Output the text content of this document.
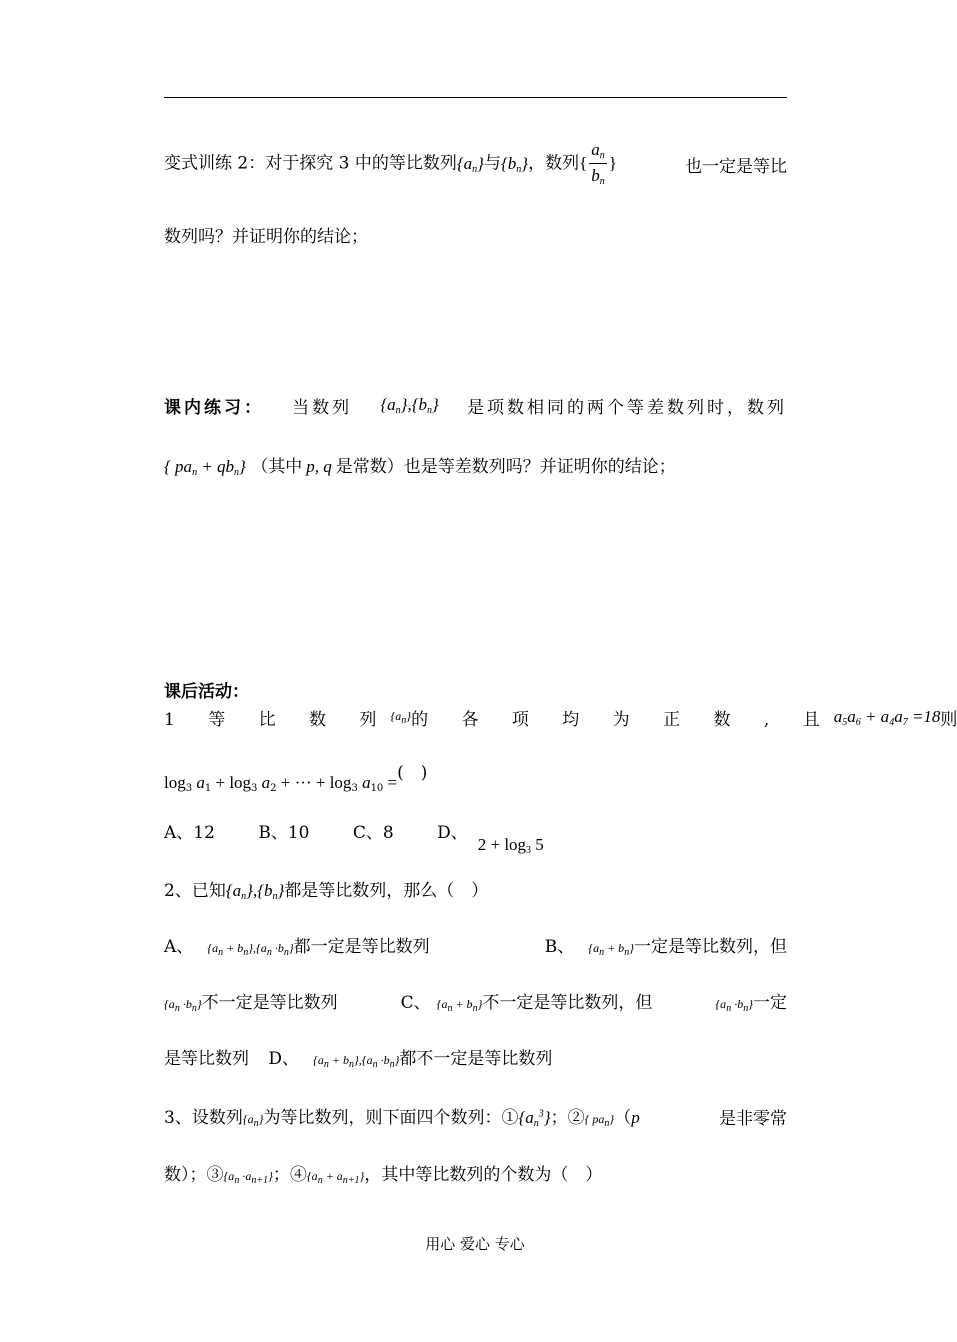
变式训练 2：对于探究 3 中的等比数列$\{a_n\}$与$\{b_n\}$，数列{ $\frac{a_n}{b_n}$ }	也一定是等比
数列吗？并证明你的结论；
课内练习： 当数列 $\{a_n\},\{b_n\}$ 是项数相同的两个等差数列时，数列
{ $pa_n + qb_n$} （其中 p, q 是常数）也是等差数列吗？并证明你的结论；
课后活动：
1 等 比 数 列 $\{a_n\}$ 的 各 项 均 为 正 数 , 且 $a_5a_6 + a_4a_7 =18$ 则
$\log_3 a_1 + \log_3 a_2$ + ··· + $\log_3 a_{10}$ =(　)
A、12	B、10	C、8	D、$2 + \log_3 5$
2、已知$\{a_n\},\{b_n\}$都是等比数列，那么（　）
A、 $\{a_n + b_n\},\{a_n \cdot b_n\}$都一定是等比数列	B、 $\{a_n + b_n\}$一定是等比数列，但
$\{a_n \cdot b_n\}$不一定是等比数列	C、 $\{a_n + b_n\}$不一定是等比数列，但	$\{a_n \cdot b_n\}$一定
是等比数列 D、 $\{a_n + b_n\},\{a_n \cdot b_n\}$都不一定是等比数列
3、设数列$\{a_n\}$为等比数列，则下面四个数列：$①\{a_n^3\}$；②{ $pa_n\}(p$	是非零常
数）；$③\{a_n \cdot a_{n+1}\}$；$④\{a_n + a_{n+1}\}$，其中等比数列的个数为（　）
用心 爱心 专心
